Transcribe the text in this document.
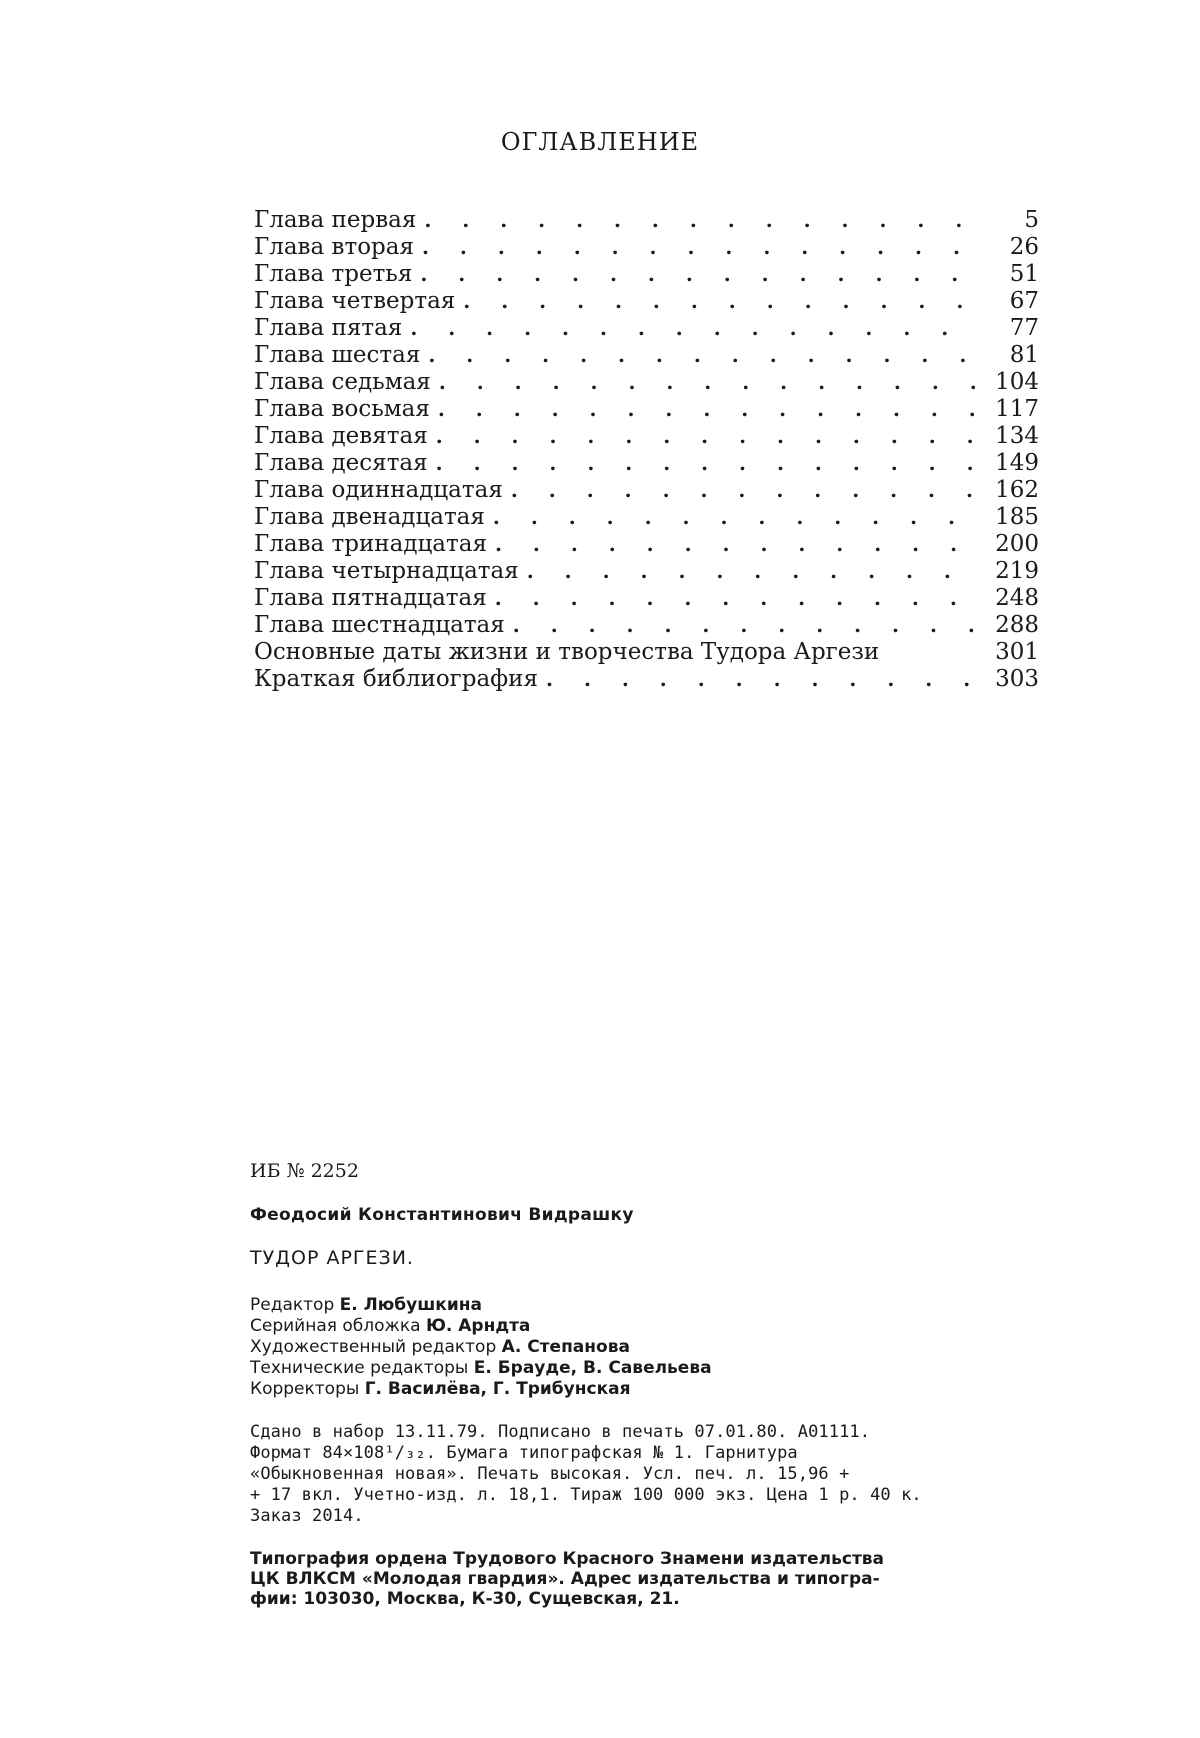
ОГЛАВЛЕНИЕ
Глава первая . . .	5
Глава вторая . . .	26
Глава третья . . .	51
Глава четвертая . . .	67
Глава пятая . . .	77
Глава шестая . . .	81
Глава седьмая . . .	104
Глава восьмая . . .	117
Глава девятая . . .	134
Глава десятая . . .	149
Глава одиннадцатая . . .	162
Глава двенадцатая . . .	185
Глава тринадцатая . . .	200
Глава четырнадцатая . . .	219
Глава пятнадцатая . . .	248
Глава шестнадцатая . . .	288
Основные даты жизни и творчества Тудора Аргези	301
Краткая библиография . . .	303

ИБ № 2252

Феодосий Константинович Видрашку

ТУДОР АРГЕЗИ.

Редактор Е. Любушкина

Серийная обложка Ю. Арндта

Художественный редактор А. Степанова

Технические редакторы Е. Брауде, В. Савельева

Корректоры Г. Василёва, Г. Трибунская

Сдано в набор 13.11.79. Подписано в печать 07.01.80. А01111.

Формат 84×108¹/₃₂. Бумага типографская № 1. Гарнитура

«Обыкновенная новая». Печать высокая. Усл. печ. л. 15,96 +

+ 17 вкл. Учетно-изд. л. 18,1. Тираж 100 000 экз. Цена 1 р. 40 к.

Заказ 2014.

Типография ордена Трудового Красного Знамени издательства

ЦК ВЛКСМ «Молодая гвардия». Адрес издательства и типогра-

фии: 103030, Москва, К-30, Сущевская, 21.
